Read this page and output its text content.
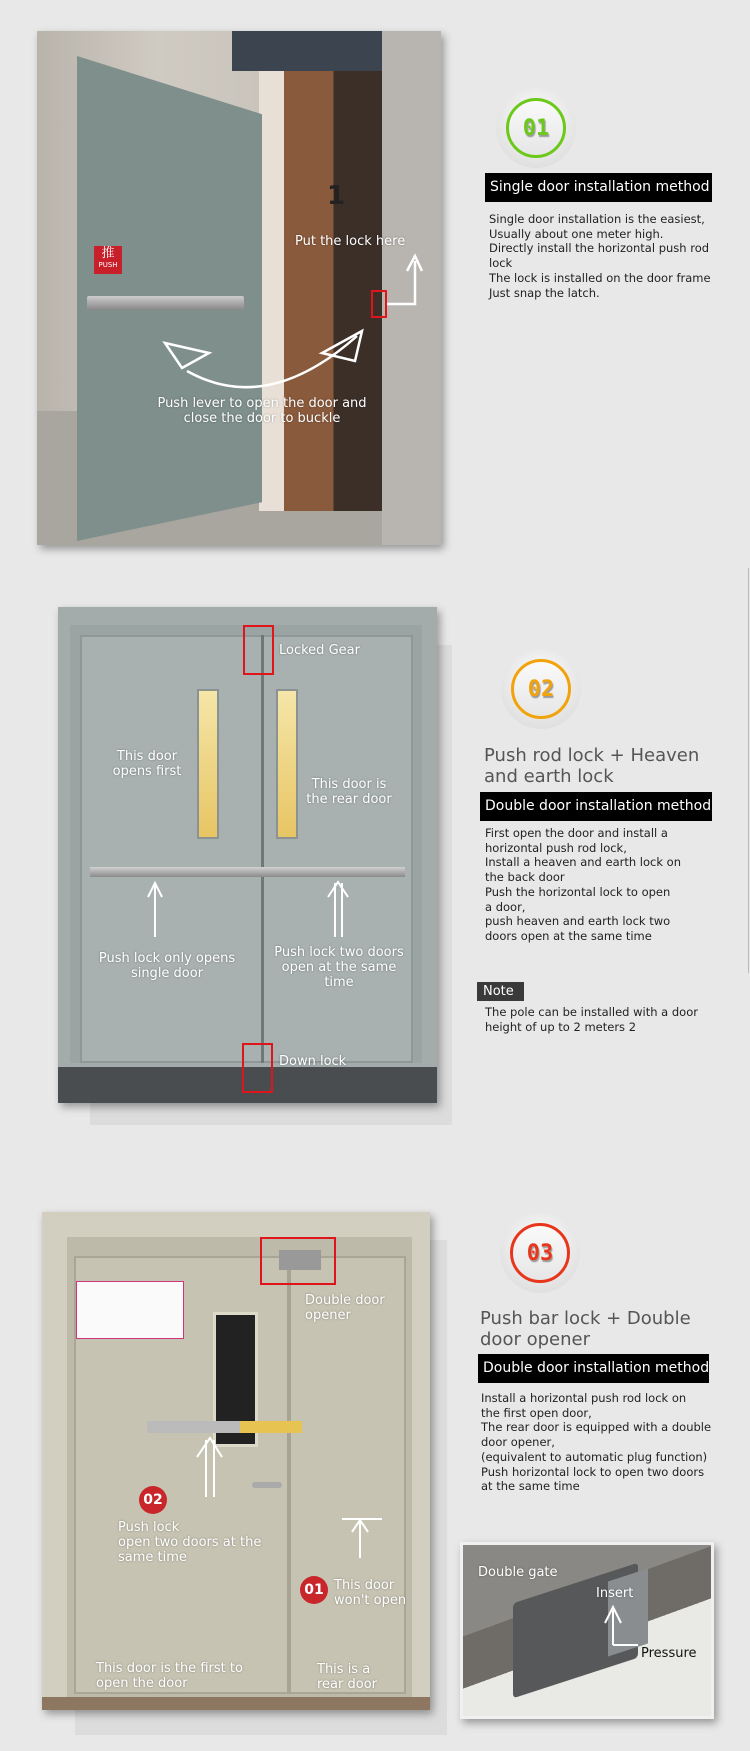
1
推
PUSH
Put the lock here
Push lever to open the door and
close the door to buckle
01
Single door installation method
Single door installation is the easiest,
Usually about one meter high.
Directly install the horizontal push rod
lock
The lock is installed on the door frame
Just snap the latch.
Locked Gear
This door
opens first
This door is
the rear door
Push lock only opens
single door
Push lock two doors
open at the same
time
Down lock
02
Push rod lock + Heaven
and earth lock
Double door installation method
First open the door and install a
horizontal push rod lock,
Install a heaven and earth lock on
the back door
Push the horizontal lock to open
a door,
push heaven and earth lock two
doors open at the same time
Note
The pole can be installed with a door
height of up to 2 meters 2
Double door
opener
02
Push lock
open two doors at the
same time
01 This door
won't open
This door is the first to
open the door
This is a
rear door
03
Push bar lock + Double
door opener
Double door installation method
Install a horizontal push rod lock on
the first open door,
The rear door is equipped with a double
door opener,
(equivalent to automatic plug function)
Push horizontal lock to open two doors
at the same time
Double gate
Insert
Pressure
